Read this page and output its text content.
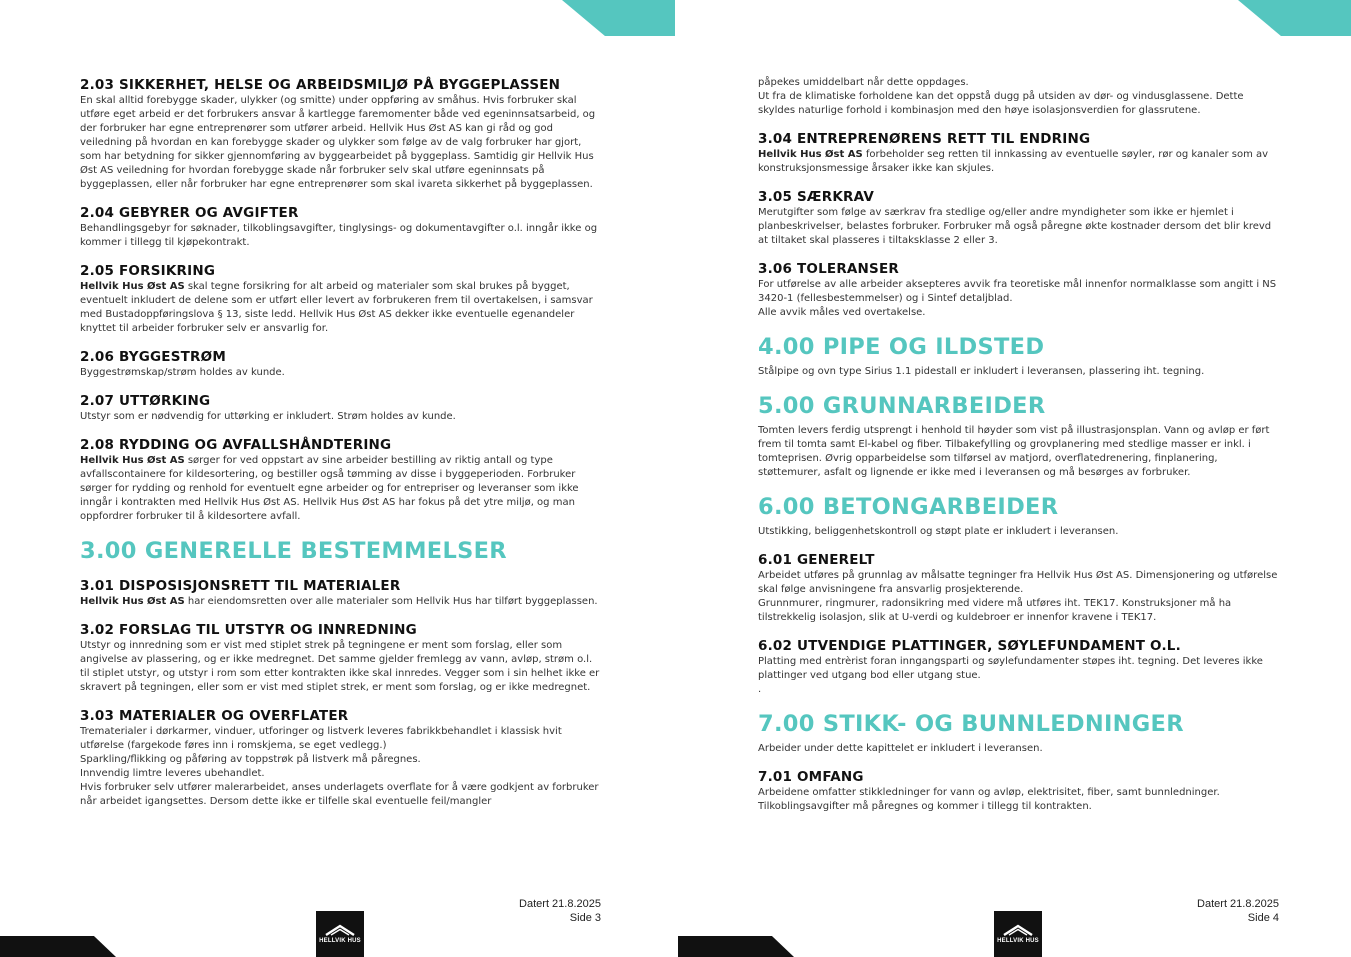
2.03 SIKKERHET, HELSE OG ARBEIDSMILJØ PÅ BYGGEPLASSEN

En skal alltid forebygge skader, ulykker (og smitte) under oppføring av småhus. Hvis forbruker skal utføre eget arbeid er det forbrukers ansvar å kartlegge faremomenter både ved egeninnsatsarbeid, og der forbruker har egne entreprenører som utfører arbeid. Hellvik Hus Øst AS kan gi råd og god veiledning på hvordan en kan forebygge skader og ulykker som følge av de valg forbruker har gjort, som har betydning for sikker gjennomføring av byggearbeidet på byggeplass. Samtidig gir Hellvik Hus Øst AS veiledning for hvordan forebygge skade når forbruker selv skal utføre egeninnsats på byggeplassen, eller når forbruker har egne entreprenører som skal ivareta sikkerhet på byggeplassen.

2.04 GEBYRER OG AVGIFTER

Behandlingsgebyr for søknader, tilkoblingsavgifter, tinglysings- og dokumentavgifter o.l. inngår ikke og kommer i tillegg til kjøpekontrakt.

2.05 FORSIKRING

Hellvik Hus Øst AS skal tegne forsikring for alt arbeid og materialer som skal brukes på bygget, eventuelt inkludert de delene som er utført eller levert av forbrukeren frem til overtakelsen, i samsvar med Bustadoppføringslova § 13, siste ledd. Hellvik Hus Øst AS dekker ikke eventuelle egenandeler knyttet til arbeider forbruker selv er ansvarlig for.

2.06 BYGGESTRØM

Byggestrømskap/strøm holdes av kunde.

2.07 UTTØRKING

Utstyr som er nødvendig for uttørking er inkludert. Strøm holdes av kunde.

2.08 RYDDING OG AVFALLSHÅNDTERING

Hellvik Hus Øst AS sørger for ved oppstart av sine arbeider bestilling av riktig antall og type avfallscontainere for kildesortering, og bestiller også tømming av disse i byggeperioden. Forbruker sørger for rydding og renhold for eventuelt egne arbeider og for entrepriser og leveranser som ikke inngår i kontrakten med Hellvik Hus Øst AS. Hellvik Hus Øst AS har fokus på det ytre miljø, og man oppfordrer forbruker til å kildesortere avfall.

3.00 GENERELLE BESTEMMELSER
3.01 DISPOSISJONSRETT TIL MATERIALER

Hellvik Hus Øst AS har eiendomsretten over alle materialer som Hellvik Hus har tilført byggeplassen.

3.02 FORSLAG TIL UTSTYR OG INNREDNING

Utstyr og innredning som er vist med stiplet strek på tegningene er ment som forslag, eller som angivelse av plassering, og er ikke medregnet. Det samme gjelder fremlegg av vann, avløp, strøm o.l. til stiplet utstyr, og utstyr i rom som etter kontrakten ikke skal innredes. Vegger som i sin helhet ikke er skravert på tegningen, eller som er vist med stiplet strek, er ment som forslag, og er ikke medregnet.

3.03 MATERIALER OG OVERFLATER

Trematerialer i dørkarmer, vinduer, utforinger og listverk leveres fabrikkbehandlet i klassisk hvit utførelse (fargekode føres inn i romskjema, se eget vedlegg.)

Sparkling/flikking og påføring av toppstrøk på listverk må påregnes.

Innvendig limtre leveres ubehandlet.

Hvis forbruker selv utfører malerarbeidet, anses underlagets overflate for å være godkjent av forbruker når arbeidet igangsettes. Dersom dette ikke er tilfelle skal eventuelle feil/mangler

Datert 21.8.2025
Side 3
HELLVIK HUS

påpekes umiddelbart når dette oppdages.

Ut fra de klimatiske forholdene kan det oppstå dugg på utsiden av dør- og vindusglassene. Dette skyldes naturlige forhold i kombinasjon med den høye isolasjonsverdien for glassrutene.

3.04 ENTREPRENØRENS RETT TIL ENDRING

Hellvik Hus Øst AS forbeholder seg retten til innkassing av eventuelle søyler, rør og kanaler som av konstruksjonsmessige årsaker ikke kan skjules.

3.05 SÆRKRAV

Merutgifter som følge av særkrav fra stedlige og/eller andre myndigheter som ikke er hjemlet i planbeskrivelser, belastes forbruker. Forbruker må også påregne økte kostnader dersom det blir krevd at tiltaket skal plasseres i tiltaksklasse 2 eller 3.

3.06 TOLERANSER

For utførelse av alle arbeider aksepteres avvik fra teoretiske mål innenfor normalklasse som angitt i NS 3420-1 (fellesbestemmelser) og i Sintef detaljblad.

Alle avvik måles ved overtakelse.

4.00 PIPE OG ILDSTED

Stålpipe og ovn type Sirius 1.1 pidestall er inkludert i leveransen, plassering iht. tegning.

5.00 GRUNNARBEIDER

Tomten levers ferdig utsprengt i henhold til høyder som vist på illustrasjonsplan. Vann og avløp er ført frem til tomta samt El-kabel og fiber. Tilbakefylling og grovplanering med stedlige masser er inkl. i tomteprisen. Øvrig opparbeidelse som tilførsel av matjord, overflatedrenering, finplanering, støttemurer, asfalt og lignende er ikke med i leveransen og må besørges av forbruker.

6.00 BETONGARBEIDER

Utstikking, beliggenhetskontroll og støpt plate er inkludert i leveransen.

6.01 GENERELT

Arbeidet utføres på grunnlag av målsatte tegninger fra Hellvik Hus Øst AS. Dimensjonering og utførelse skal følge anvisningene fra ansvarlig prosjekterende.

Grunnmurer, ringmurer, radonsikring med videre må utføres iht. TEK17. Konstruksjoner må ha tilstrekkelig isolasjon, slik at U-verdi og kuldebroer er innenfor kravene i TEK17.

6.02 UTVENDIGE PLATTINGER, SØYLEFUNDAMENT O.L.

Platting med entrèrist foran inngangsparti og søylefundamenter støpes iht. tegning. Det leveres ikke plattinger ved utgang bod eller utgang stue.

.

7.00 STIKK- OG BUNNLEDNINGER

Arbeider under dette kapittelet er inkludert i leveransen.

7.01 OMFANG

Arbeidene omfatter stikkledninger for vann og avløp, elektrisitet, fiber, samt bunnledninger.

Tilkoblingsavgifter må påregnes og kommer i tillegg til kontrakten.

Datert 21.8.2025
Side 4
HELLVIK HUS
